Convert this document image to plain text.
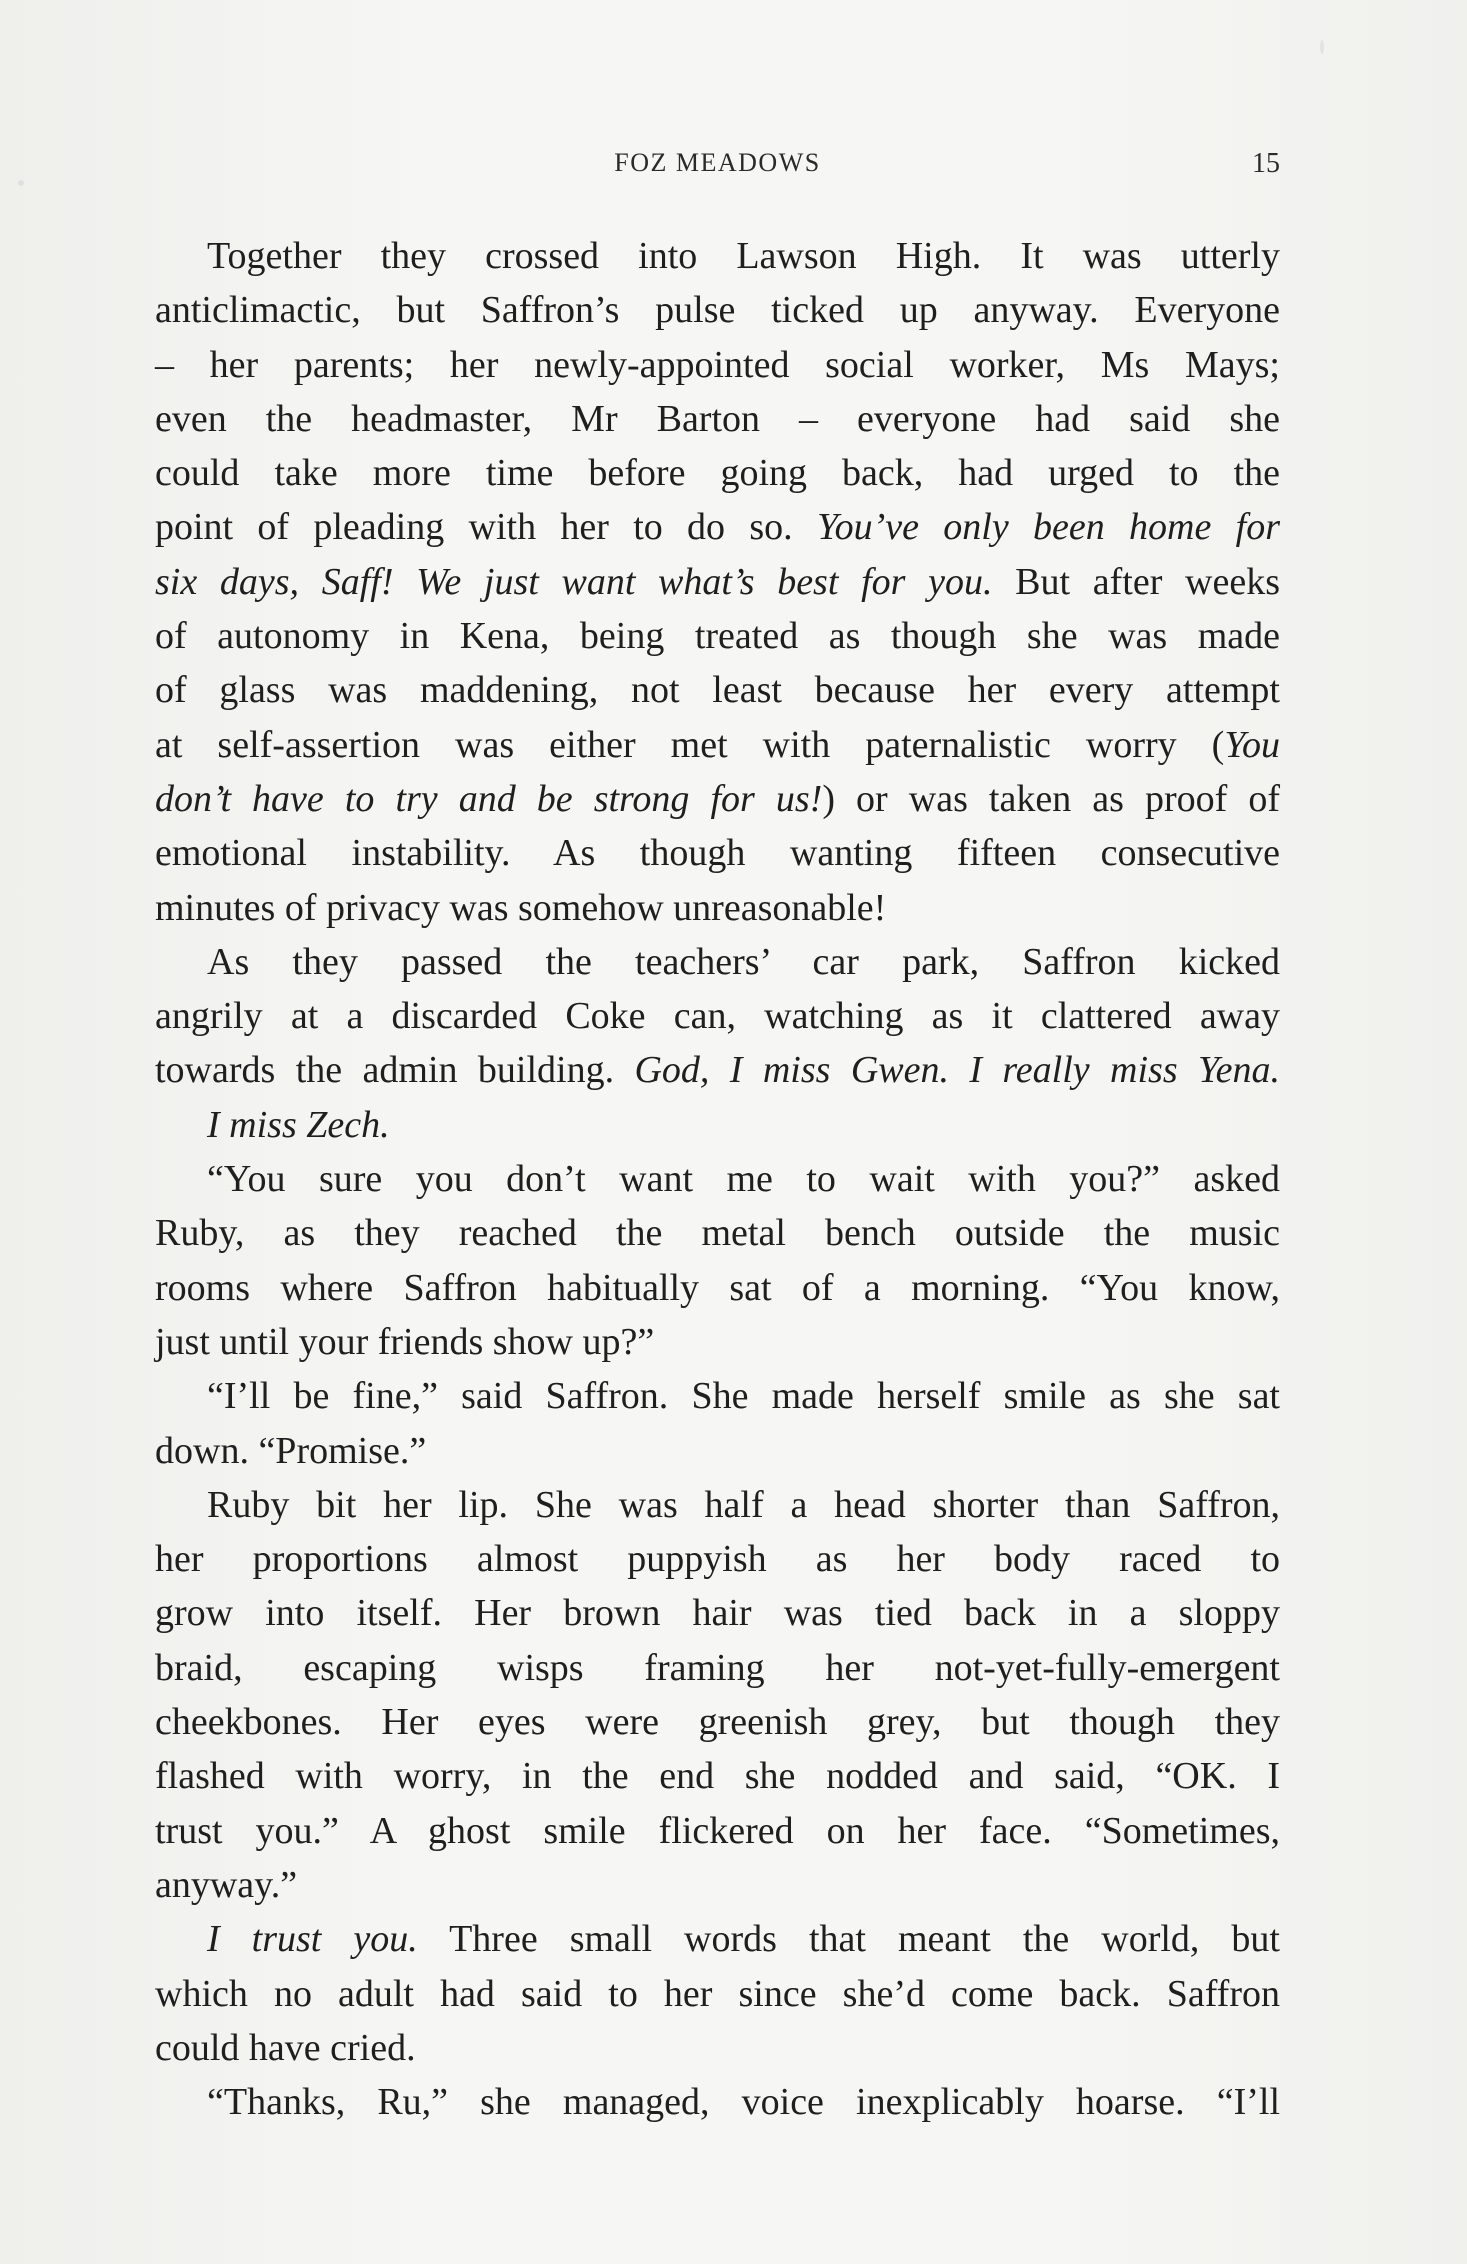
FOZ MEADOWS	15
Together they crossed into Lawson High. It was utterly
anticlimactic, but Saffron’s pulse ticked up anyway. Everyone
– her parents; her newly-appointed social worker, Ms Mays;
even the headmaster, Mr Barton – everyone had said she
could take more time before going back, had urged to the
point of pleading with her to do so. You’ve only been home for
six days, Saff! We just want what’s best for you. But after weeks
of autonomy in Kena, being treated as though she was made
of glass was maddening, not least because her every attempt
at self-assertion was either met with paternalistic worry (You
don’t have to try and be strong for us!) or was taken as proof of
emotional instability. As though wanting fifteen consecutive
minutes of privacy was somehow unreasonable!
As they passed the teachers’ car park, Saffron kicked
angrily at a discarded Coke can, watching as it clattered away
towards the admin building. God, I miss Gwen. I really miss Yena.
I miss Zech.
“You sure you don’t want me to wait with you?” asked
Ruby, as they reached the metal bench outside the music
rooms where Saffron habitually sat of a morning. “You know,
just until your friends show up?”
“I’ll be fine,” said Saffron. She made herself smile as she sat
down. “Promise.”
Ruby bit her lip. She was half a head shorter than Saffron,
her proportions almost puppyish as her body raced to
grow into itself. Her brown hair was tied back in a sloppy
braid, escaping wisps framing her not-yet-fully-emergent
cheekbones. Her eyes were greenish grey, but though they
flashed with worry, in the end she nodded and said, “OK. I
trust you.” A ghost smile flickered on her face. “Sometimes,
anyway.”
I trust you. Three small words that meant the world, but
which no adult had said to her since she’d come back. Saffron
could have cried.
“Thanks, Ru,” she managed, voice inexplicably hoarse. “I’ll
